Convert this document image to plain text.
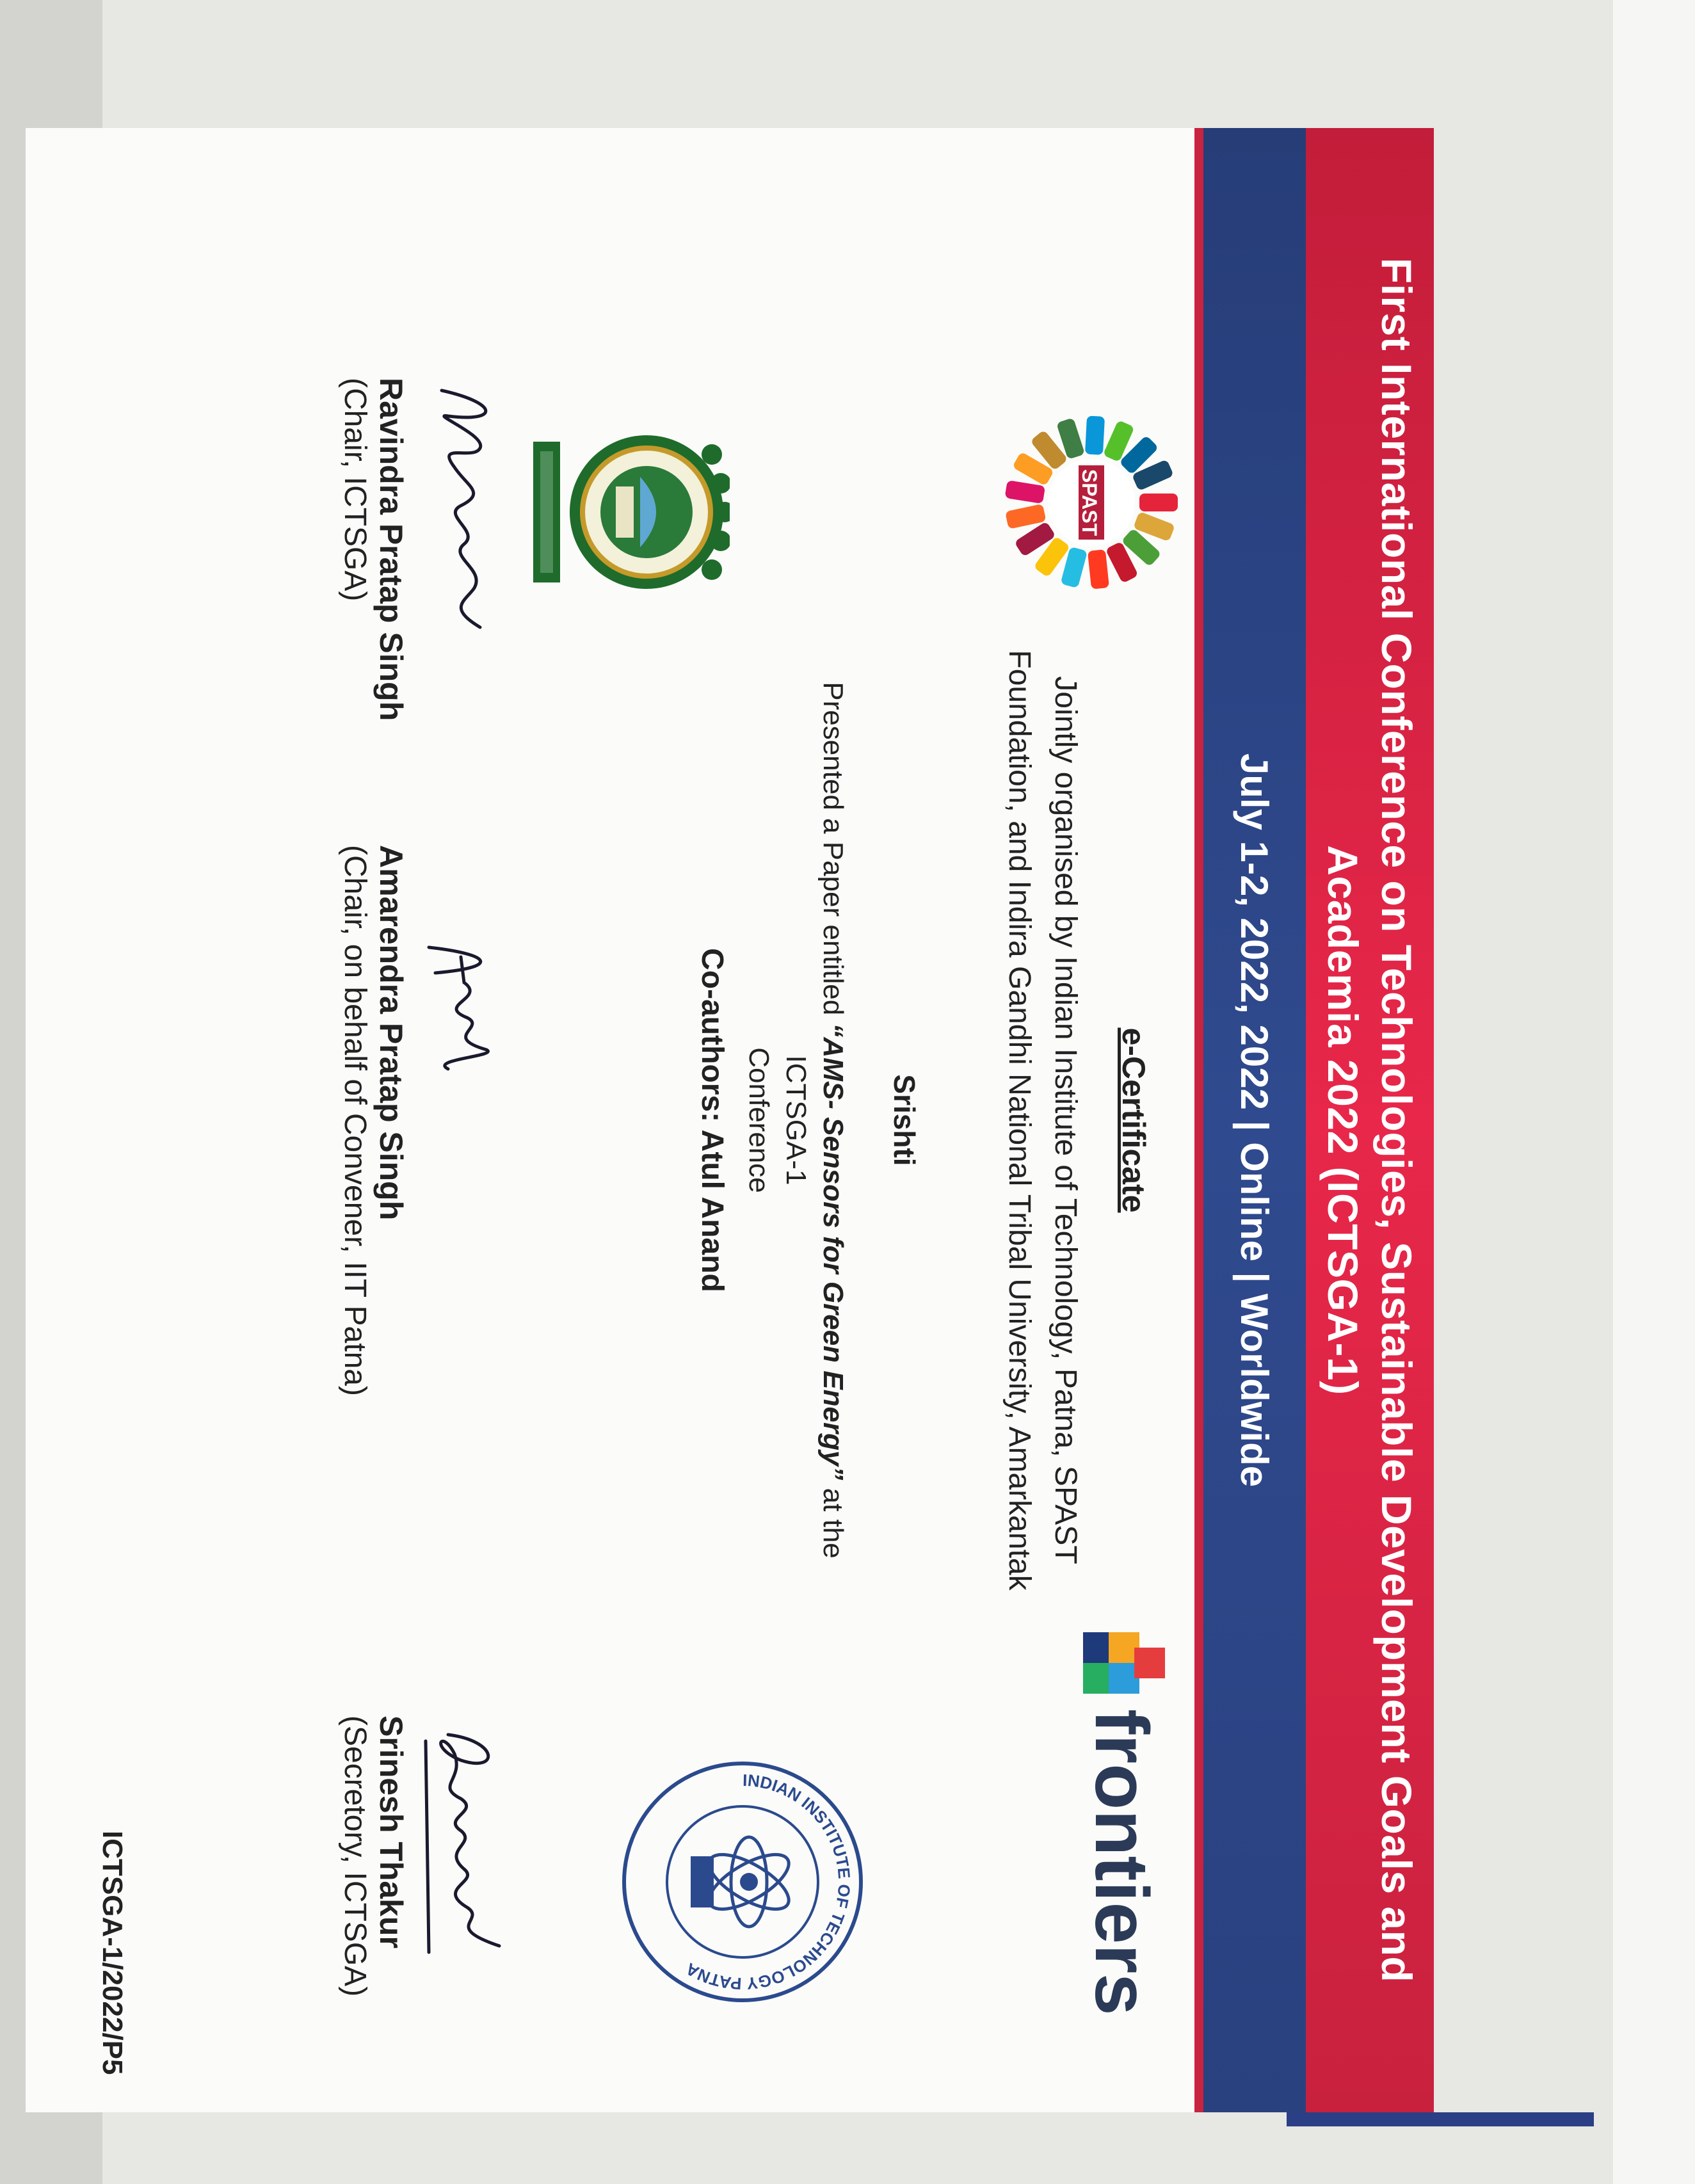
First International Conference on Technologies, Sustainable Development Goals and
Academia 2022 (ICTSGA-1)
July 1-2, 2022, 2022 | Online | Worldwide
SPAST
frontiers
INDIAN INSTITUTE OF TECHNOLOGY PATNA
e-Certificate
Jointly organised by Indian Institute of Technology, Patna, SPAST
Foundation, and Indira Gandhi National Tribal University, Amarkantak
Srishti
Presented a Paper entitled “AMS- Sensors for Green Energy” at the ICTSGA-1
Conference
Co-authors: Atul Anand
Ravindra Pratap Singh
(Chair, ICTSGA)
Amarendra Pratap Singh
(Chair, on behalf of Convener, IIT Patna)
Srinesh Thakur
(Secretory, ICTSGA)
ICTSGA-1/2022/P5
